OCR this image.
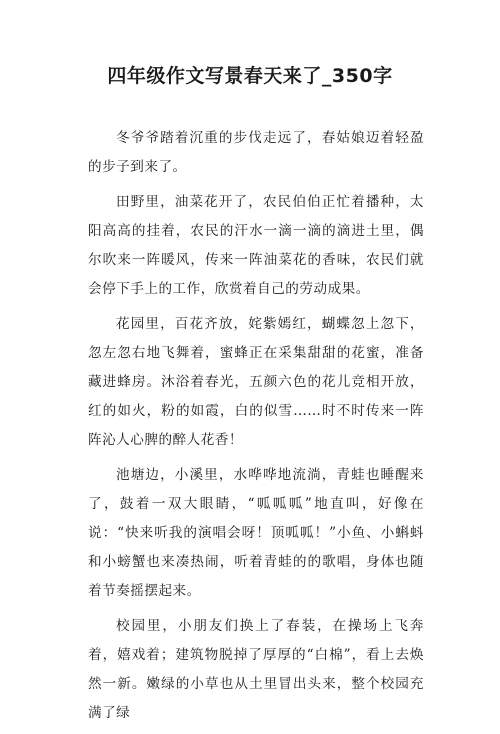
四年级作文写景春天来了_350字

冬爷爷踏着沉重的步伐走远了，春姑娘迈着轻盈的步子到来了。

田野里，油菜花开了，农民伯伯正忙着播种，太阳高高的挂着，农民的汗水一滴一滴的滴进土里，偶尔吹来一阵暖风，传来一阵油菜花的香味，农民们就会停下手上的工作，欣赏着自己的劳动成果。

花园里，百花齐放，姹紫嫣红，蝴蝶忽上忽下，忽左忽右地飞舞着，蜜蜂正在采集甜甜的花蜜，准备藏进蜂房。沐浴着春光，五颜六色的花儿竞相开放，红的如火，粉的如霞，白的似雪……时不时传来一阵阵沁人心脾的醉人花香！

池塘边，小溪里，水哗哗地流淌，青蛙也睡醒来了，鼓着一双大眼睛，“呱呱呱”地直叫，好像在说：“快来听我的演唱会呀！顶呱呱！”小鱼、小蝌蚪和小螃蟹也来凑热闹，听着青蛙的的歌唱，身体也随着节奏摇摆起来。

校园里，小朋友们换上了春装，在操场上飞奔着，嬉戏着；建筑物脱掉了厚厚的“白棉”，看上去焕然一新。嫩绿的小草也从土里冒出头来，整个校园充满了绿
